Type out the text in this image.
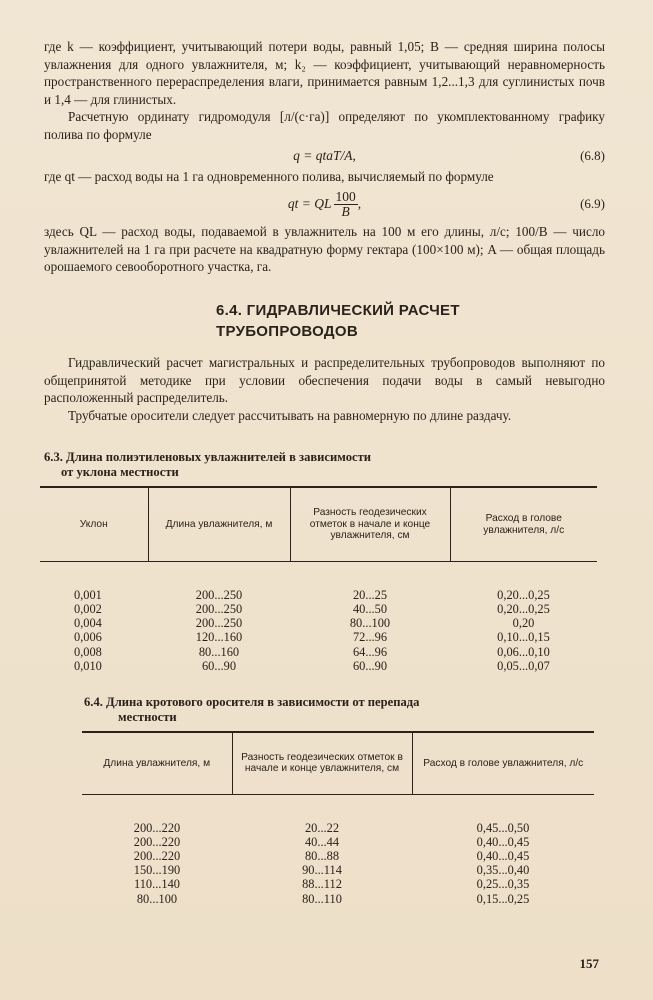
где k — коэффициент, учитывающий потери воды, равный 1,05; B — средняя ширина полосы увлажнения для одного увлажнителя, м; k₂ — коэффициент, учитывающий неравномерность пространственного перераспределения влаги, принимается равным 1,2...1,3 для суглинистых почв и 1,4 — для глинистых.

Расчетную ординату гидромодуля [л/(с·га)] определяют по укомплектованному графику полива по формуле

q = qtaT/A,	(6.8)

где qt — расход воды на 1 га одновременного полива, вычисляемый по формуле

qt = QL $\frac{100}{B}$ ,	(6.9)

здесь QL — расход воды, подаваемой в увлажнитель на 100 м его длины, л/с; 100/B — число увлажнителей на 1 га при расчете на квадратную форму гектара (100×100 м); A — общая площадь орошаемого севооборотного участка, га.

6.4. ГИДРАВЛИЧЕСКИЙ РАСЧЕТ
ТРУБОПРОВОДОВ

Гидравлический расчет магистральных и распределительных трубопроводов выполняют по общепринятой методике при условии обеспечения подачи воды в самый невыгодно расположенный распределитель.

Трубчатые оросители следует рассчитывать на равномерную по длине раздачу.

6.3. Длина полиэтиленовых увлажнителей в зависимости
от уклона местности
Уклон	Длина увлажнителя, м	Разность геодезических отметок в начале и конце увлажнителя, см	Расход в голове увлажнителя, л/с
0,001	200...250	20...25	0,20...0,25
0,002	200...250	40...50	0,20...0,25
0,004	200...250	80...100	0,20
0,006	120...160	72...96	0,10...0,15
0,008	80...160	64...96	0,06...0,10
0,010	60...90	60...90	0,05...0,07
6.4. Длина кротового оросителя в зависимости от перепада
местности
Длина увлажнителя, м	Разность геодезических отметок в начале и конце увлажнителя, см	Расход в голове увлажнителя, л/с
200...220	20...22	0,45...0,50
200...220	40...44	0,40...0,45
200...220	80...88	0,40...0,45
150...190	90...114	0,35...0,40
110...140	88...112	0,25...0,35
80...100	80...110	0,15...0,25
157
